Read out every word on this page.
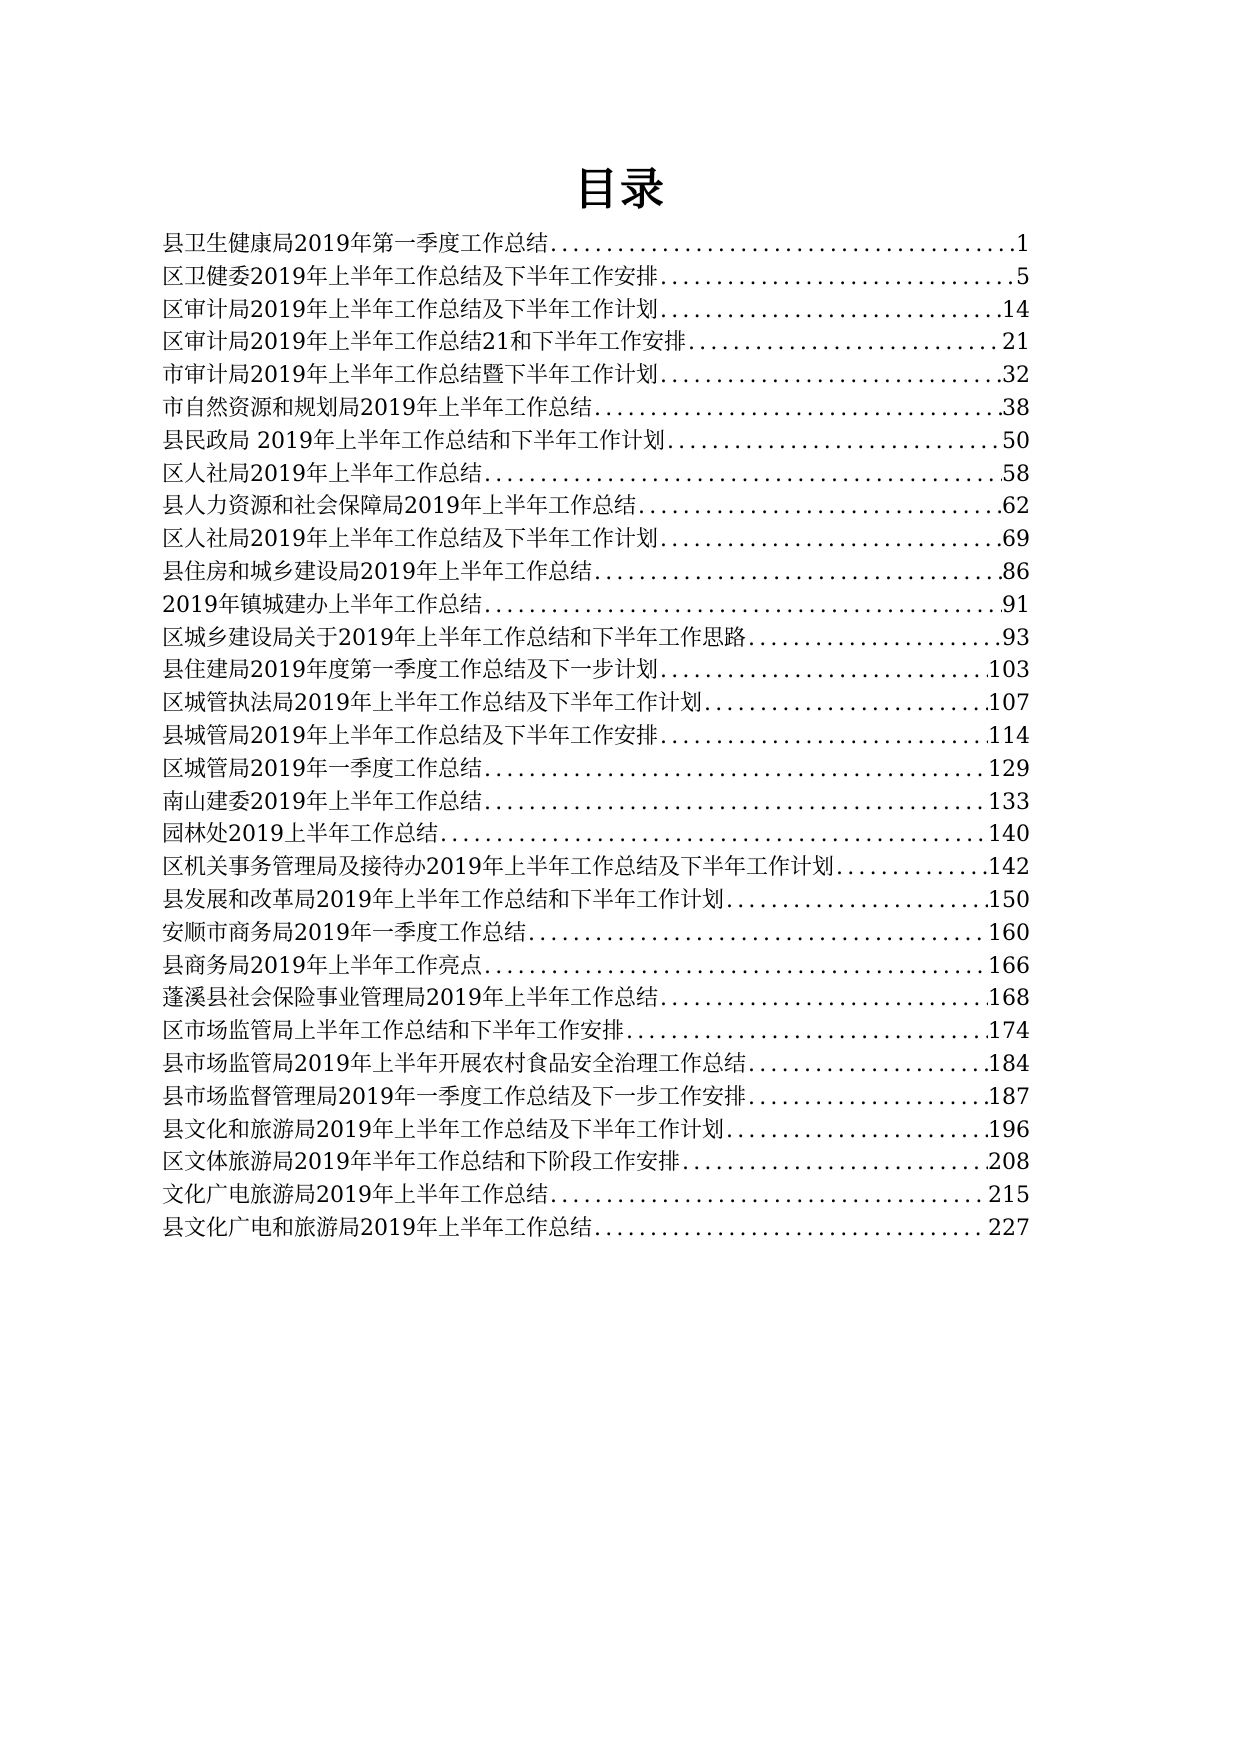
目录
县卫生健康局2019年第一季度工作总结 .....	1
区卫健委2019年上半年工作总结及下半年工作安排 .....	5
区审计局2019年上半年工作总结及下半年工作计划 .....	14
区审计局2019年上半年工作总结21和下半年工作安排 .....	21
市审计局2019年上半年工作总结暨下半年工作计划 .....	32
市自然资源和规划局2019年上半年工作总结 .....	38
县民政局 2019年上半年工作总结和下半年工作计划 .....	50
区人社局2019年上半年工作总结 .....	58
县人力资源和社会保障局2019年上半年工作总结 .....	62
区人社局2019年上半年工作总结及下半年工作计划 .....	69
县住房和城乡建设局2019年上半年工作总结 .....	86
2019年镇城建办上半年工作总结 .....	91
区城乡建设局关于2019年上半年工作总结和下半年工作思路 .....	93
县住建局2019年度第一季度工作总结及下一步计划 .....	103
区城管执法局2019年上半年工作总结及下半年工作计划 .....	107
县城管局2019年上半年工作总结及下半年工作安排 .....	114
区城管局2019年一季度工作总结 .....	129
南山建委2019年上半年工作总结 .....	133
园林处2019上半年工作总结 .....	140
区机关事务管理局及接待办2019年上半年工作总结及下半年工作计划 .....	142
县发展和改革局2019年上半年工作总结和下半年工作计划 .....	150
安顺市商务局2019年一季度工作总结 .....	160
县商务局2019年上半年工作亮点 .....	166
蓬溪县社会保险事业管理局2019年上半年工作总结 .....	168
区市场监管局上半年工作总结和下半年工作安排 .....	174
县市场监管局2019年上半年开展农村食品安全治理工作总结 .....	184
县市场监督管理局2019年一季度工作总结及下一步工作安排 .....	187
县文化和旅游局2019年上半年工作总结及下半年工作计划 .....	196
区文体旅游局2019年半年工作总结和下阶段工作安排 .....	208
文化广电旅游局2019年上半年工作总结 .....	215
县文化广电和旅游局2019年上半年工作总结 .....	227
